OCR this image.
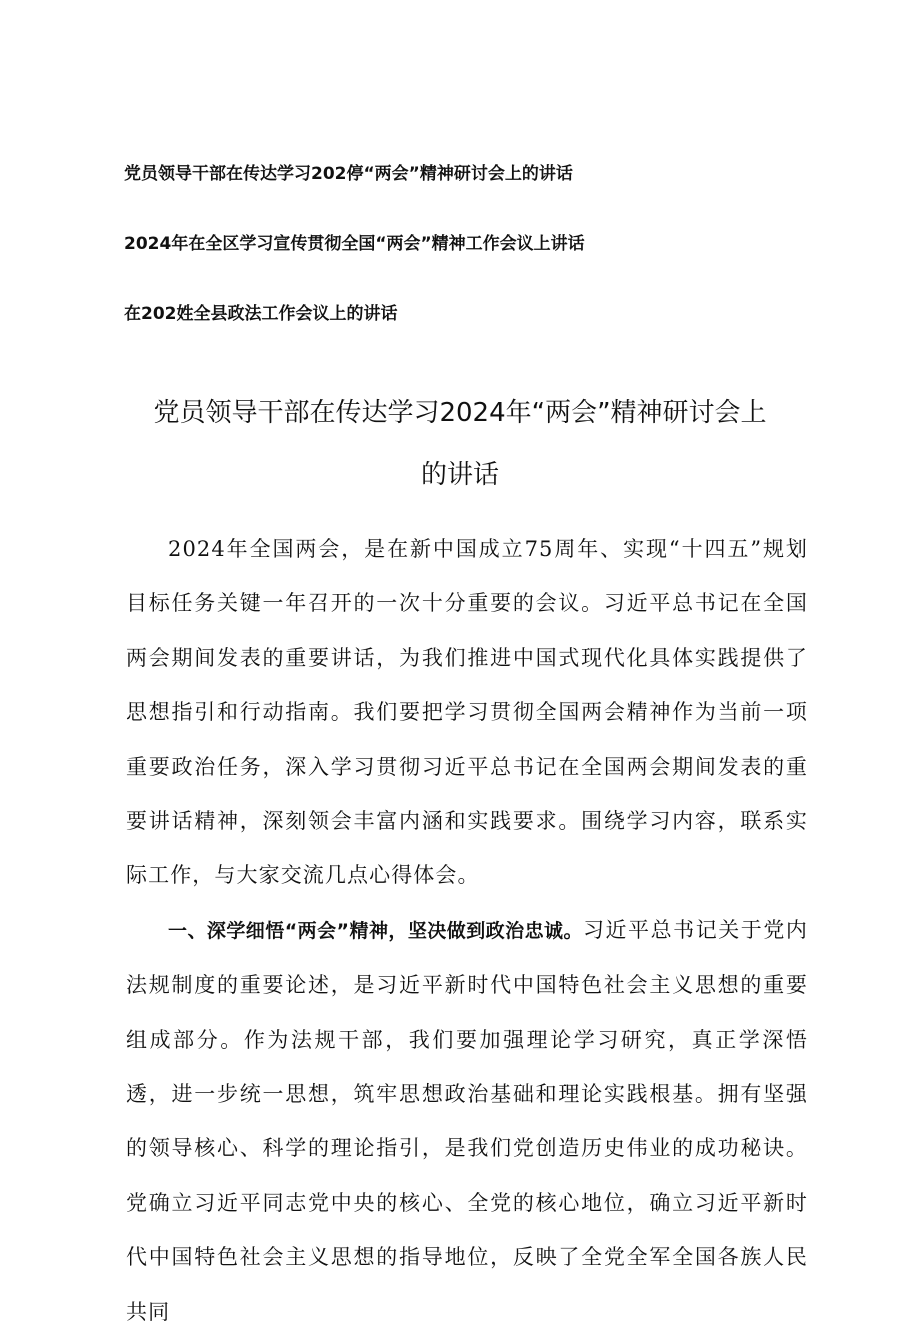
党员领导干部在传达学习202停“两会”精神研讨会上的讲话
2024年在全区学习宣传贯彻全国“两会”精神工作会议上讲话
在202姓全县政法工作会议上的讲话
党员领导干部在传达学习2024年“两会”精神研讨会上
的讲话

2024年全国两会，是在新中国成立75周年、实现“十四五”规划目标任务关键一年召开的一次十分重要的会议。习近平总书记在全国两会期间发表的重要讲话，为我们推进中国式现代化具体实践提供了思想指引和行动指南。我们要把学习贯彻全国两会精神作为当前一项重要政治任务，深入学习贯彻习近平总书记在全国两会期间发表的重要讲话精神，深刻领会丰富内涵和实践要求。围绕学习内容，联系实际工作，与大家交流几点心得体会。

一、深学细悟“两会”精神，坚决做到政治忠诚。习近平总书记关于党内法规制度的重要论述，是习近平新时代中国特色社会主义思想的重要组成部分。作为法规干部，我们要加强理论学习研究，真正学深悟透，进一步统一思想，筑牢思想政治基础和理论实践根基。拥有坚强的领导核心、科学的理论指引，是我们党创造历史伟业的成功秘诀。党确立习近平同志党中央的核心、全党的核心地位，确立习近平新时代中国特色社会主义思想的指导地位，反映了全党全军全国各族人民共同
